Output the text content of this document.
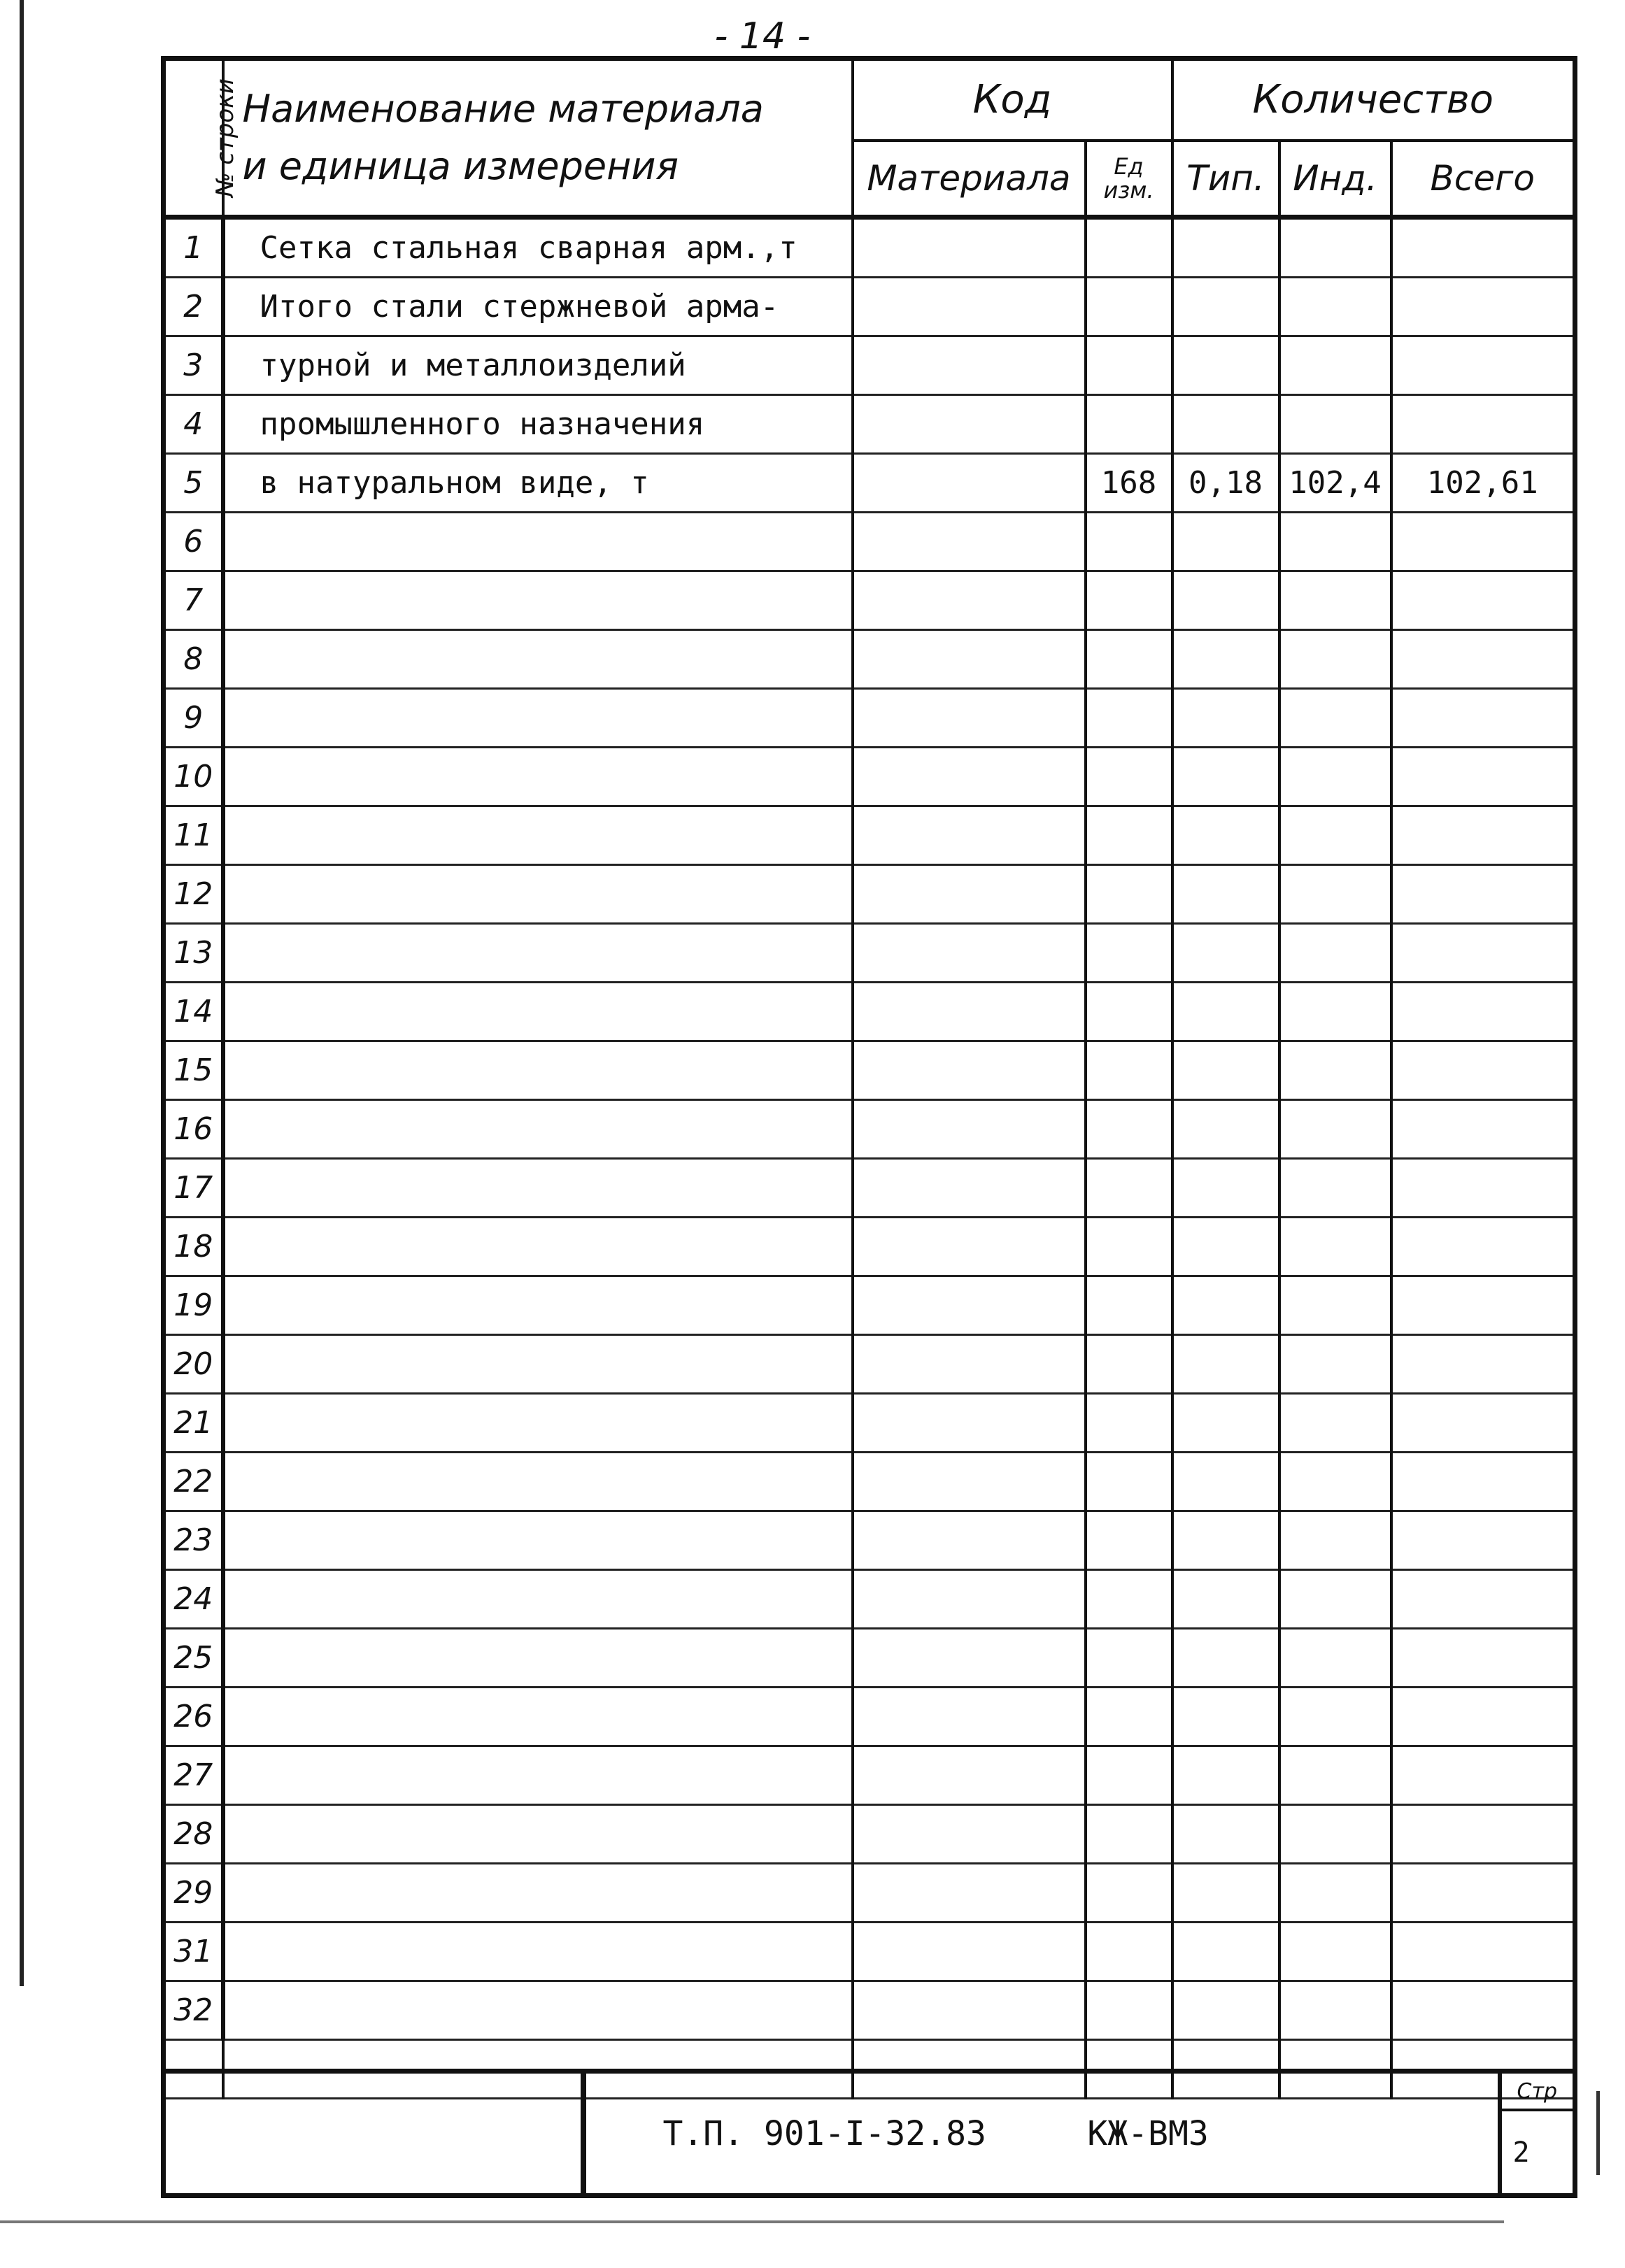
- 14 -
№ строки	Наименование материала
и единица измерения	Код		Количество		
		Материала	Ед изм.	Тип.	Инд.	Всего
1	Сетка стальная сварная арм.,т					
2	Итого стали стержневой арма-					
3	турной и металлоизделий					
4	промышленного назначения					
5	в натуральном виде, т		168	0,18	102,4	102,61
6						
7						
8						
9						
10						
11						
12						
13						
14						
15						
16						
17						
18						
19						
20						
21						
22						
23						
24						
25						
26						
27						
28						
29						
31						
32						

	Т.П. 901-I-32.83     КЖ-ВМ3	Стр
2
